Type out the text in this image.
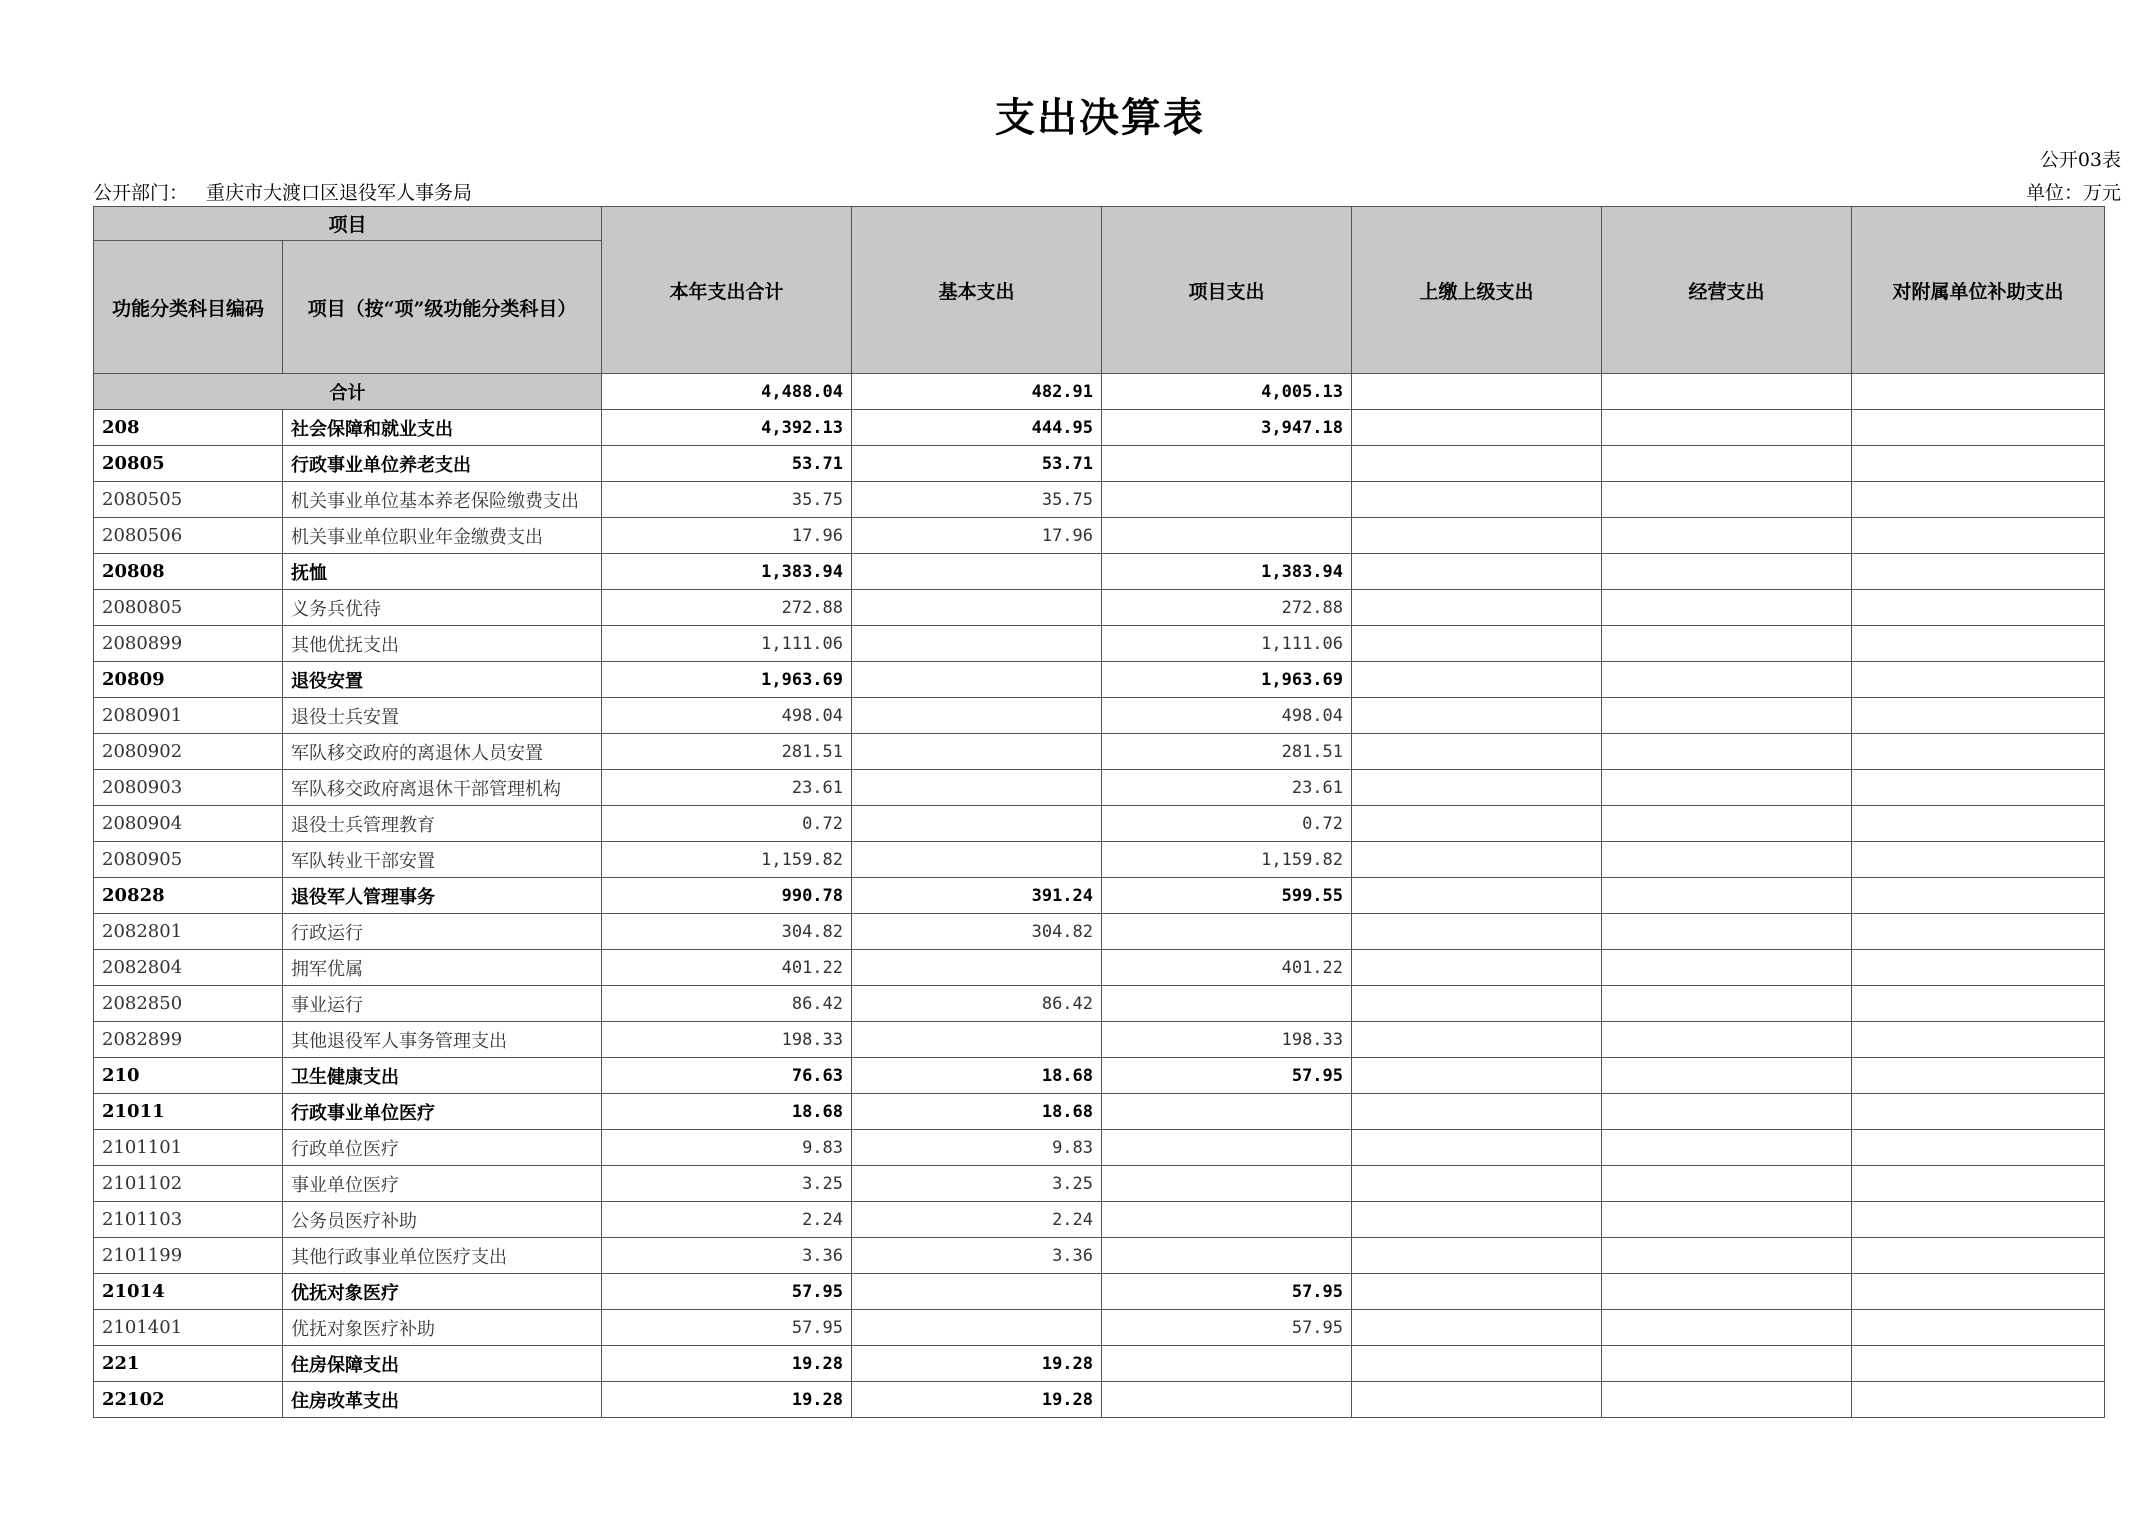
支出决算表
公开03表
公开部门： 重庆市大渡口区退役军人事务局	单位：万元
项目		本年支出合计	基本支出	项目支出	上缴上级支出	经营支出	对附属单位补助支出
功能分类科目编码	项目（按“项”级功能分类科目）						
合计		4,488.04	482.91	4,005.13			
208	社会保障和就业支出	4,392.13	444.95	3,947.18			
20805	行政事业单位养老支出	53.71	53.71				
2080505	机关事业单位基本养老保险缴费支出	35.75	35.75				
2080506	机关事业单位职业年金缴费支出	17.96	17.96				
20808	抚恤	1,383.94		1,383.94			
2080805	义务兵优待	272.88		272.88			
2080899	其他优抚支出	1,111.06		1,111.06			
20809	退役安置	1,963.69		1,963.69			
2080901	退役士兵安置	498.04		498.04			
2080902	军队移交政府的离退休人员安置	281.51		281.51			
2080903	军队移交政府离退休干部管理机构	23.61		23.61			
2080904	退役士兵管理教育	0.72		0.72			
2080905	军队转业干部安置	1,159.82		1,159.82			
20828	退役军人管理事务	990.78	391.24	599.55			
2082801	行政运行	304.82	304.82				
2082804	拥军优属	401.22		401.22			
2082850	事业运行	86.42	86.42				
2082899	其他退役军人事务管理支出	198.33		198.33			
210	卫生健康支出	76.63	18.68	57.95			
21011	行政事业单位医疗	18.68	18.68				
2101101	行政单位医疗	9.83	9.83				
2101102	事业单位医疗	3.25	3.25				
2101103	公务员医疗补助	2.24	2.24				
2101199	其他行政事业单位医疗支出	3.36	3.36				
21014	优抚对象医疗	57.95		57.95			
2101401	优抚对象医疗补助	57.95		57.95			
221	住房保障支出	19.28	19.28				
22102	住房改革支出	19.28	19.28				
